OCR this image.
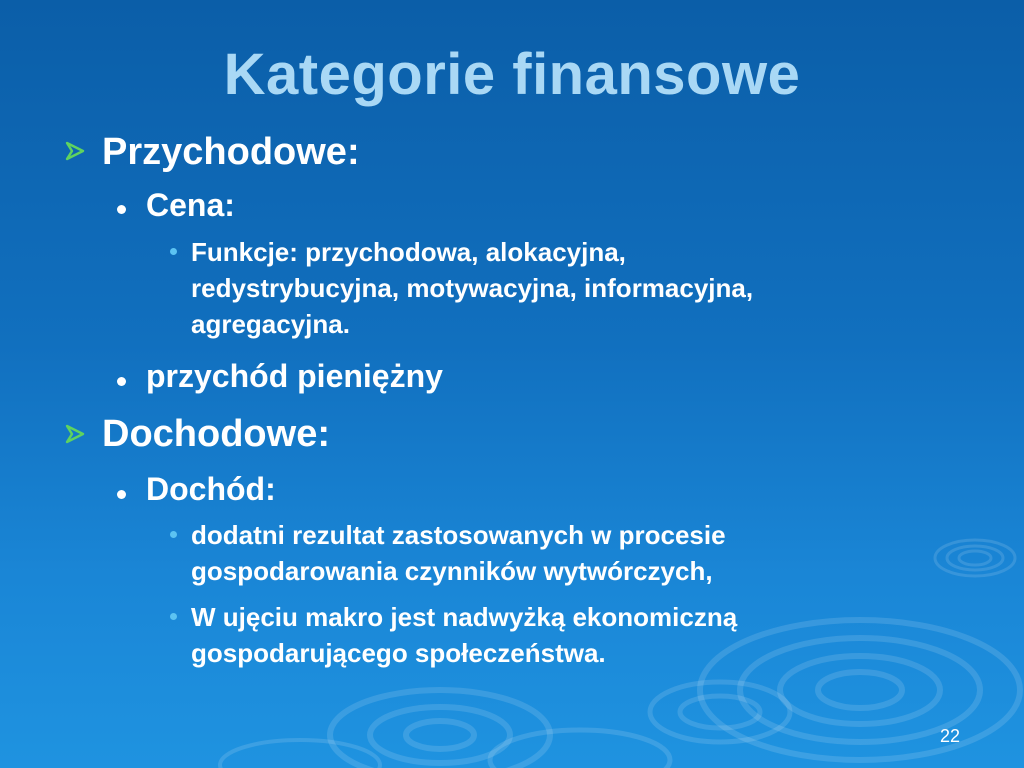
Kategorie finansowe
Przychodowe:
Cena:
Funkcje: przychodowa, alokacyjna,
redystrybucyjna, motywacyjna, informacyjna,
agregacyjna.
przychód pieniężny
Dochodowe:
Dochód:
dodatni rezultat zastosowanych w procesie
gospodarowania czynników wytwórczych,
W ujęciu makro jest nadwyżką ekonomiczną
gospodarującego społeczeństwa.
22
